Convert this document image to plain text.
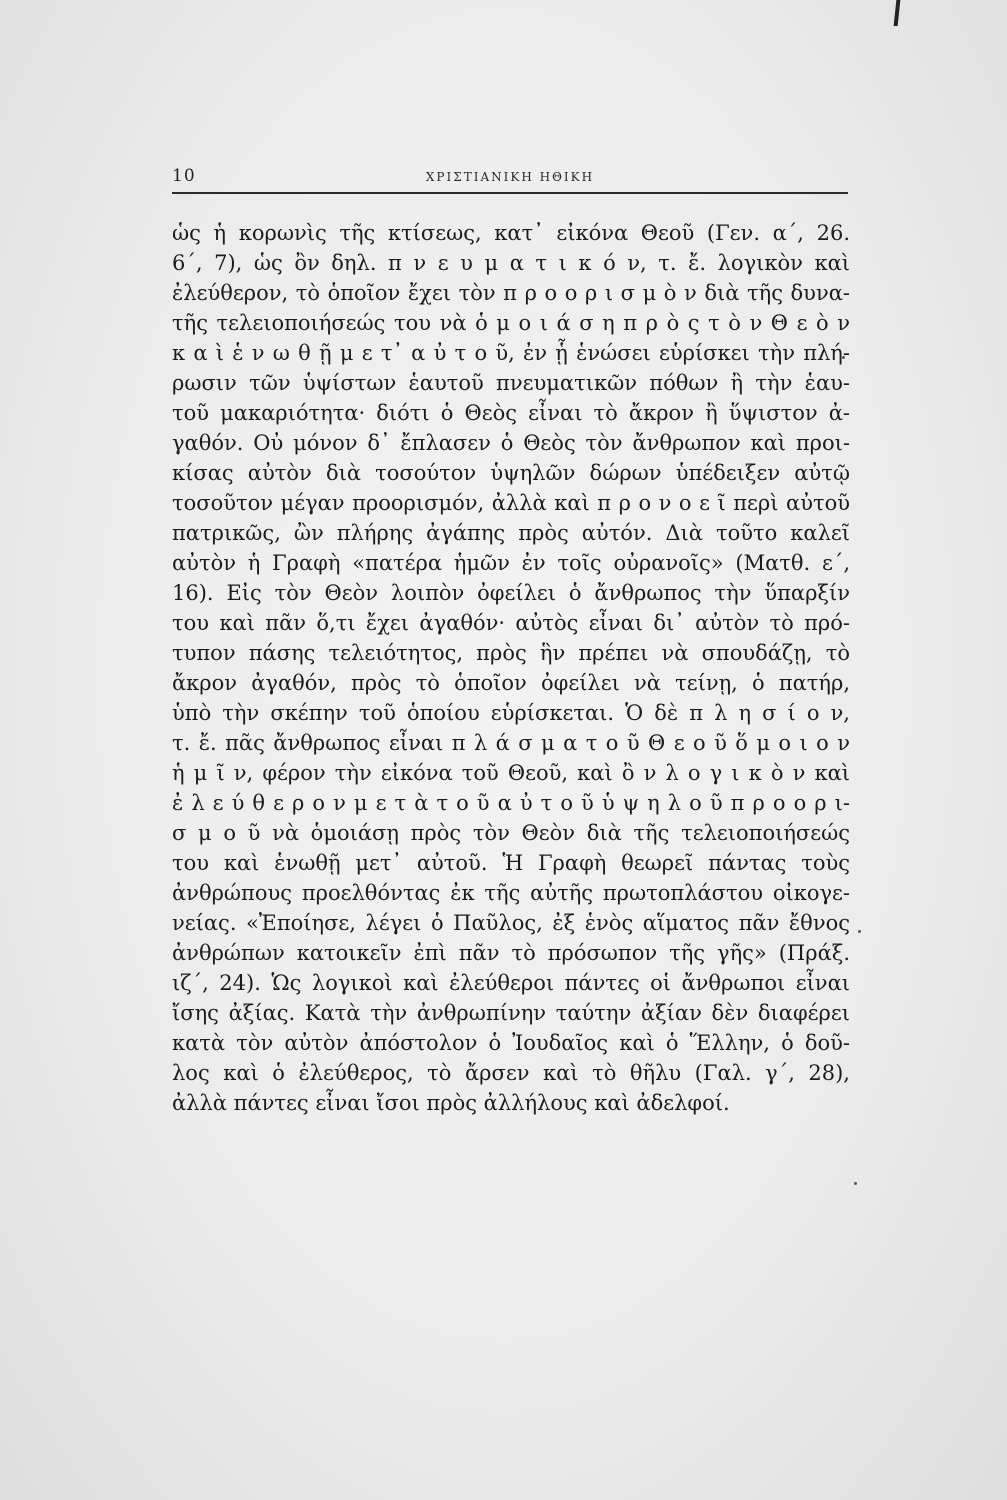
10	ΧΡΙΣΤΙΑΝΙΚΗ ΗΘΙΚΗ
ὡς ἡ κορωνὶς τῆς κτίσεως, κατ᾽ εἰκόνα Θεοῦ (Γεν. α΄, 26.
6΄, 7), ὡς ὂν δηλ. π ν ε υ μ α τ ι κ ό ν, τ. ἔ. λογικὸν καὶ
ἐλεύθερον, τὸ ὁποῖον ἔχει τὸν π ρ ο ο ρ ι σ μ ὸ ν διὰ τῆς δυνα-
τῆς τελειοποιήσεώς του νὰ ὁ μ ο ι ά σ η π ρ ὸ ς τ ὸ ν Θ ε ὸ ν
κ α ὶ ἑ ν ω θ ῇ μ ε τ᾽ α ὐ τ ο ῦ, ἐν ᾗ ἑνώσει εὑρίσκει τὴν πλή-
ρωσιν τῶν ὑψίστων ἑαυτοῦ πνευματικῶν πόθων ἢ τὴν ἑαυ-
τοῦ μακαριότητα· διότι ὁ Θεὸς εἶναι τὸ ἄκρον ἢ ὕψιστον ἀ-
γαθόν. Οὐ μόνον δ᾽ ἔπλασεν ὁ Θεὸς τὸν ἄνθρωπον καὶ προι-
κίσας αὐτὸν διὰ τοσούτον ὑψηλῶν δώρων ὑπέδειξεν αὐτῷ
τοσοῦτον μέγαν προορισμόν, ἀλλὰ καὶ π ρ ο ν ο ε ῖ περὶ αὐτοῦ
πατρικῶς, ὢν πλήρης ἀγάπης πρὸς αὐτόν. Διὰ τοῦτο καλεῖ
αὐτὸν ἡ Γραφὴ «πατέρα ἡμῶν ἐν τοῖς οὐρανοῖς» (Ματθ. ε΄,
16). Εἰς τὸν Θεὸν λοιπὸν ὀφείλει ὁ ἄνθρωπος τὴν ὕπαρξίν
του καὶ πᾶν ὅ,τι ἔχει ἀγαθόν· αὐτὸς εἶναι δι᾽ αὐτὸν τὸ πρό-
τυπον πάσης τελειότητος, πρὸς ἣν πρέπει νὰ σπουδάζῃ, τὸ
ἄκρον ἀγαθόν, πρὸς τὸ ὁποῖον ὀφείλει νὰ τείνῃ, ὁ πατήρ,
ὑπὸ τὴν σκέπην τοῦ ὁποίου εὑρίσκεται. Ὁ δὲ π λ η σ ί ο ν,
τ. ἔ. πᾶς ἄνθρωπος εἶναι π λ ά σ μ α τ ο ῦ Θ ε ο ῦ ὅ μ ο ι ο ν
ἡ μ ῖ ν, φέρον τὴν εἰκόνα τοῦ Θεοῦ, καὶ ὂ ν λ ο γ ι κ ὸ ν καὶ
ἐ λ ε ύ θ ε ρ ο ν μ ε τ ὰ τ ο ῦ α ὐ τ ο ῦ ὑ ψ η λ ο ῦ π ρ ο ο ρ ι-
σ μ ο ῦ νὰ ὁμοιάσῃ πρὸς τὸν Θεὸν διὰ τῆς τελειοποιήσεώς
του καὶ ἑνωθῇ μετ᾽ αὐτοῦ. Ἡ Γραφὴ θεωρεῖ πάντας τοὺς
ἀνθρώπους προελθόντας ἐκ τῆς αὐτῆς πρωτοπλάστου οἰκογε-
νείας. «Ἐποίησε, λέγει ὁ Παῦλος, ἐξ ἑνὸς αἵματος πᾶν ἔθνος
ἀνθρώπων κατοικεῖν ἐπὶ πᾶν τὸ πρόσωπον τῆς γῆς» (Πράξ.
ιζ΄, 24). Ὡς λογικοὶ καὶ ἐλεύθεροι πάντες οἱ ἄνθρωποι εἶναι
ἴσης ἀξίας. Κατὰ τὴν ἀνθρωπίνην ταύτην ἀξίαν δὲν διαφέρει
κατὰ τὸν αὐτὸν ἀπόστολον ὁ Ἰουδαῖος καὶ ὁ Ἕλλην, ὁ δοῦ-
λος καὶ ὁ ἐλεύθερος, τὸ ἄρσεν καὶ τὸ θῆλυ (Γαλ. γ΄, 28),
ἀλλὰ πάντες εἶναι ἴσοι πρὸς ἀλλήλους καὶ ἀδελφοί.
